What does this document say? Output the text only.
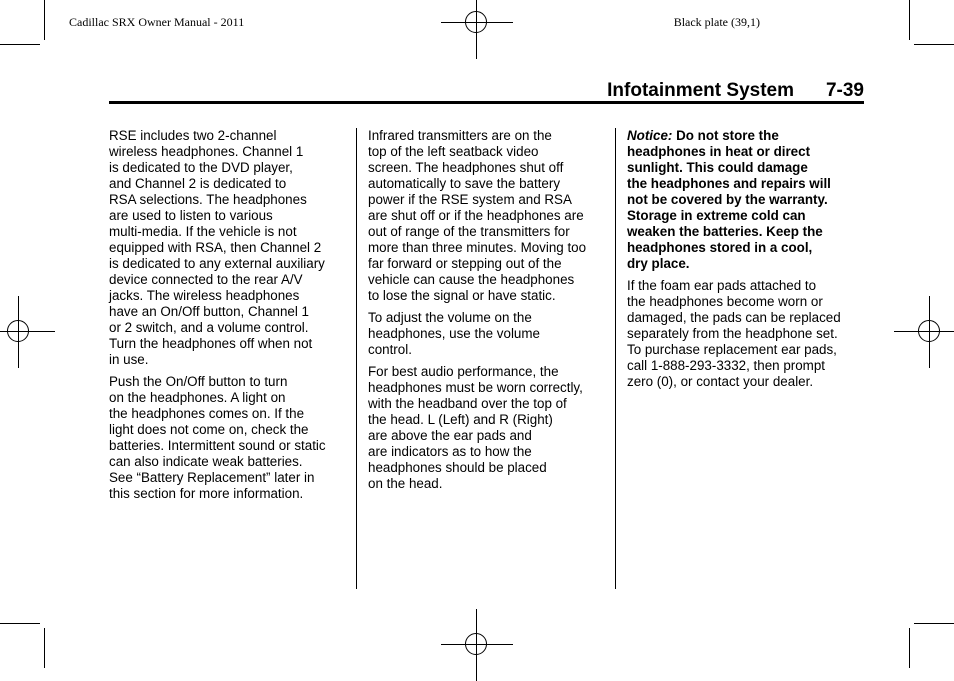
Cadillac SRX Owner Manual - 2011	Black plate (39,1)
Infotainment System 7-39

RSE includes two 2-channel
wireless headphones. Channel 1
is dedicated to the DVD player,
and Channel 2 is dedicated to
RSA selections. The headphones
are used to listen to various
multi-media. If the vehicle is not
equipped with RSA, then Channel 2
is dedicated to any external auxiliary
device connected to the rear A/V
jacks. The wireless headphones
have an On/Off button, Channel 1
or 2 switch, and a volume control.
Turn the headphones off when not
in use.

Push the On/Off button to turn
on the headphones. A light on
the headphones comes on. If the
light does not come on, check the
batteries. Intermittent sound or static
can also indicate weak batteries.
See “Battery Replacement” later in
this section for more information.

Infrared transmitters are on the
top of the left seatback video
screen. The headphones shut off
automatically to save the battery
power if the RSE system and RSA
are shut off or if the headphones are
out of range of the transmitters for
more than three minutes. Moving too
far forward or stepping out of the
vehicle can cause the headphones
to lose the signal or have static.

To adjust the volume on the
headphones, use the volume
control.

For best audio performance, the
headphones must be worn correctly,
with the headband over the top of
the head. L (Left) and R (Right)
are above the ear pads and
are indicators as to how the
headphones should be placed
on the head.

Notice: Do not store the
headphones in heat or direct
sunlight. This could damage
the headphones and repairs will
not be covered by the warranty.
Storage in extreme cold can
weaken the batteries. Keep the
headphones stored in a cool,
dry place.

If the foam ear pads attached to
the headphones become worn or
damaged, the pads can be replaced
separately from the headphone set.
To purchase replacement ear pads,
call 1-888-293-3332, then prompt
zero (0), or contact your dealer.
